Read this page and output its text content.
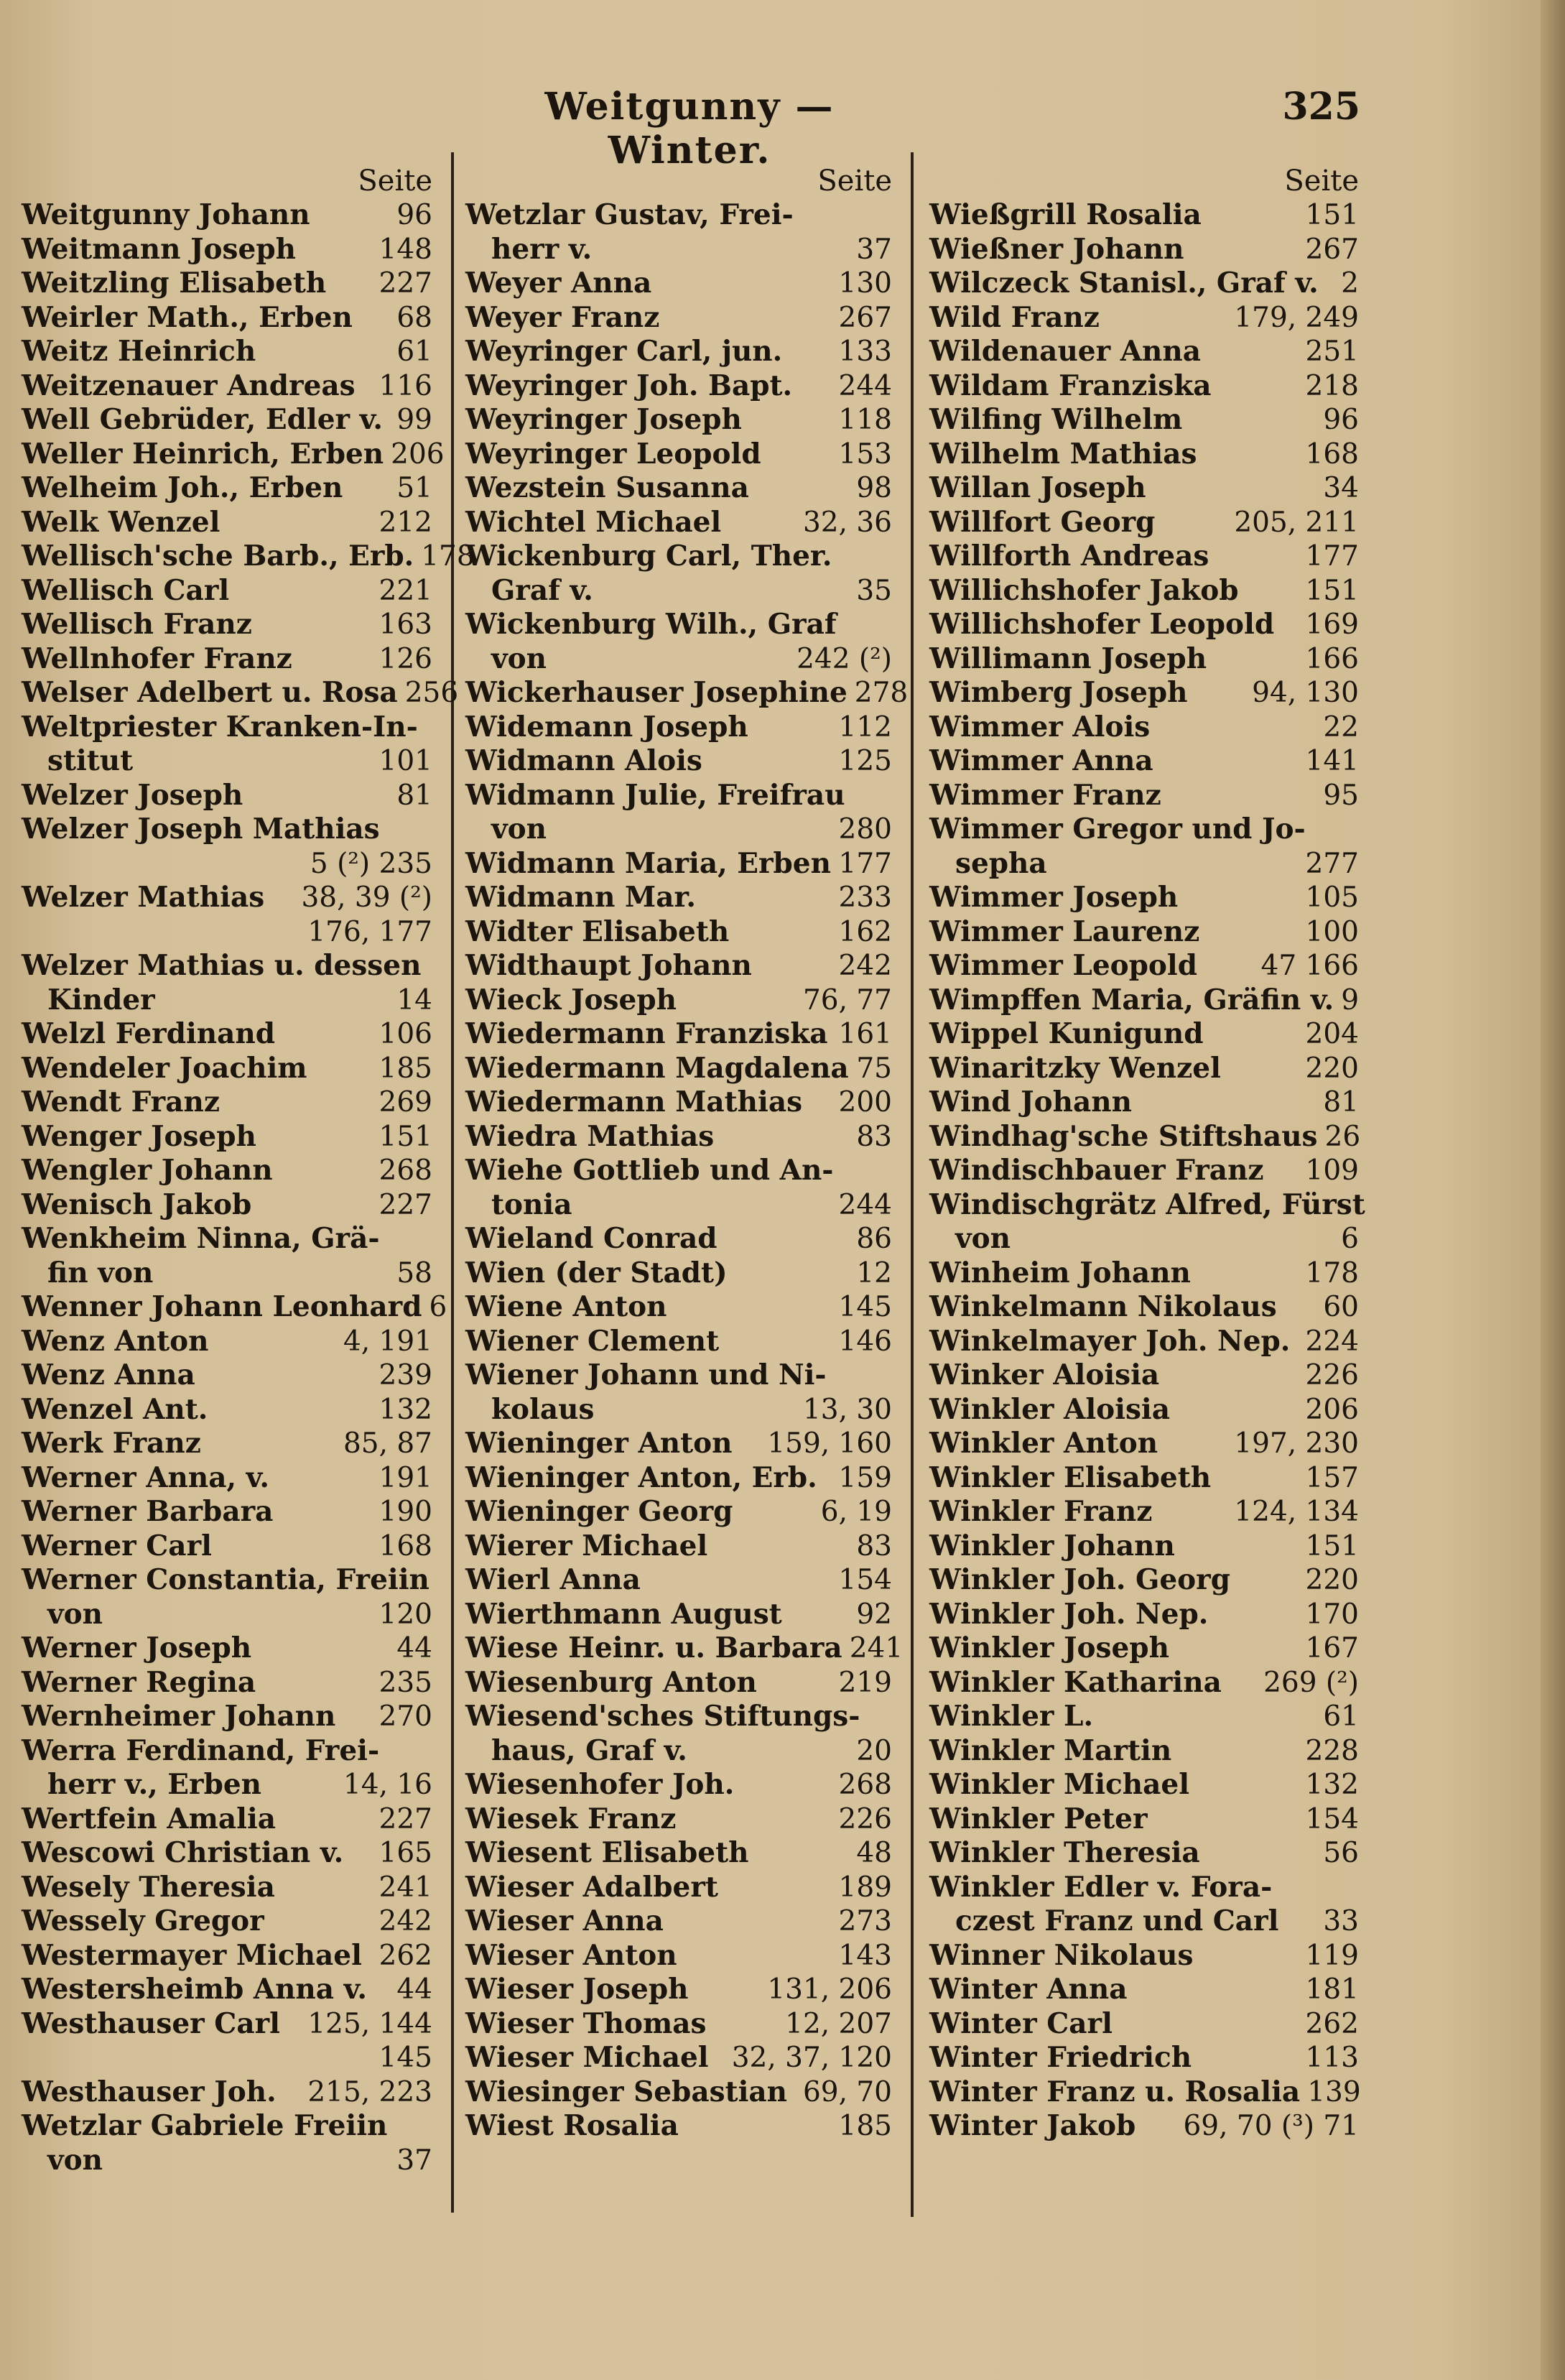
Weitgunny — Winter.
325
Seite
Weitgunny Johann	96
Weitmann Joseph	148
Weitzling Elisabeth 227
Weirler Math., Erben 68
Weitz Heinrich	61
Weitzenauer Andreas 116
Well Gebrüder, Edler v. 99
Weller Heinrich, Erben 206
Welheim Joh., Erben 51
Welk Wenzel	212
Wellisch'sche Barb., Erb. 178
Wellisch Carl	221
Wellisch Franz	163
Wellnhofer Franz	126
Welser Adelbert u. Rosa 256
Weltpriester Kranken-In-
stitut	101
Welzer Joseph	81
Welzer Joseph Mathias
5 (²) 235
Welzer Mathias 38, 39 (²)
176, 177
Welzer Mathias u. dessen
Kinder	14
Welzl Ferdinand	106
Wendeler Joachim	185
Wendt Franz	269
Wenger Joseph	151
Wengler Johann	268
Wenisch Jakob	227
Wenkheim Ninna, Grä-
fin von	58
Wenner Johann Leonhard 6
Wenz Anton	4, 191
Wenz Anna	239
Wenzel Ant.	132
Werk Franz	85, 87
Werner Anna, v.	191
Werner Barbara	190
Werner Carl	168
Werner Constantia, Freiin
von	120
Werner Joseph	44
Werner Regina	235
Wernheimer Johann 270
Werra Ferdinand, Frei-
herr v., Erben	14, 16
Wertfein Amalia	227
Wescowi Christian v. 165
Wesely Theresia	241
Wessely Gregor	242
Westermayer Michael 262
Westersheimb Anna v. 44
Westhauser Carl 125, 144
145
Westhauser Joh. 215, 223
Wetzlar Gabriele Freiin
von	37
Seite
Wetzlar Gustav, Frei-
herr v.	37
Weyer Anna	130
Weyer Franz	267
Weyringer Carl, jun. 133
Weyringer Joh. Bapt. 244
Weyringer Joseph	118
Weyringer Leopold	153
Wezstein Susanna	98
Wichtel Michael	32, 36
Wickenburg Carl, Ther.
Graf v.	35
Wickenburg Wilh., Graf
von	242 (²)
Wickerhauser Josephine 278
Widemann Joseph	112
Widmann Alois	125
Widmann Julie, Freifrau
von	280
Widmann Maria, Erben 177
Widmann Mar.	233
Widter Elisabeth	162
Widthaupt Johann	242
Wieck Joseph	76, 77
Wiedermann Franziska 161
Wiedermann Magdalena 75
Wiedermann Mathias 200
Wiedra Mathias	83
Wiehe Gottlieb und An-
tonia	244
Wieland Conrad	86
Wien (der Stadt)	12
Wiene Anton	145
Wiener Clement	146
Wiener Johann und Ni-
kolaus	13, 30
Wieninger Anton 159, 160
Wieninger Anton, Erb. 159
Wieninger Georg	6, 19
Wierer Michael	83
Wierl Anna	154
Wierthmann August	92
Wiese Heinr. u. Barbara 241
Wiesenburg Anton	219
Wiesend'sches Stiftungs-
haus, Graf v.	20
Wiesenhofer Joh.	268
Wiesek Franz	226
Wiesent Elisabeth	48
Wieser Adalbert	189
Wieser Anna	273
Wieser Anton	143
Wieser Joseph	131, 206
Wieser Thomas	12, 207
Wieser Michael 32, 37, 120
Wiesinger Sebastian 69, 70
Wiest Rosalia	185
Seite
Wießgrill Rosalia	151
Wießner Johann	267
Wilczeck Stanisl., Graf v. 2
Wild Franz	179, 249
Wildenauer Anna	251
Wildam Franziska	218
Wilfing Wilhelm	96
Wilhelm Mathias	168
Willan Joseph	34
Willfort Georg	205, 211
Willforth Andreas	177
Willichshofer Jakob 151
Willichshofer Leopold 169
Willimann Joseph	166
Wimberg Joseph 94, 130
Wimmer Alois	22
Wimmer Anna	141
Wimmer Franz	95
Wimmer Gregor und Jo-
sepha	277
Wimmer Joseph	105
Wimmer Laurenz	100
Wimmer Leopold 47 166
Wimpffen Maria, Gräfin v. 9
Wippel Kunigund	204
Winaritzky Wenzel	220
Wind Johann	81
Windhag'sche Stiftshaus 26
Windischbauer Franz 109
Windischgrätz Alfred, Fürst
von	6
Winheim Johann	178
Winkelmann Nikolaus 60
Winkelmayer Joh. Nep. 224
Winker Aloisia	226
Winkler Aloisia	206
Winkler Anton	197, 230
Winkler Elisabeth	157
Winkler Franz	124, 134
Winkler Johann	151
Winkler Joh. Georg	220
Winkler Joh. Nep.	170
Winkler Joseph	167
Winkler Katharina 269 (²)
Winkler L.	61
Winkler Martin	228
Winkler Michael	132
Winkler Peter	154
Winkler Theresia	56
Winkler Edler v. Fora-
czest Franz und Carl 33
Winner Nikolaus	119
Winter Anna	181
Winter Carl	262
Winter Friedrich	113
Winter Franz u. Rosalia 139
Winter Jakob 69, 70 (³) 71
